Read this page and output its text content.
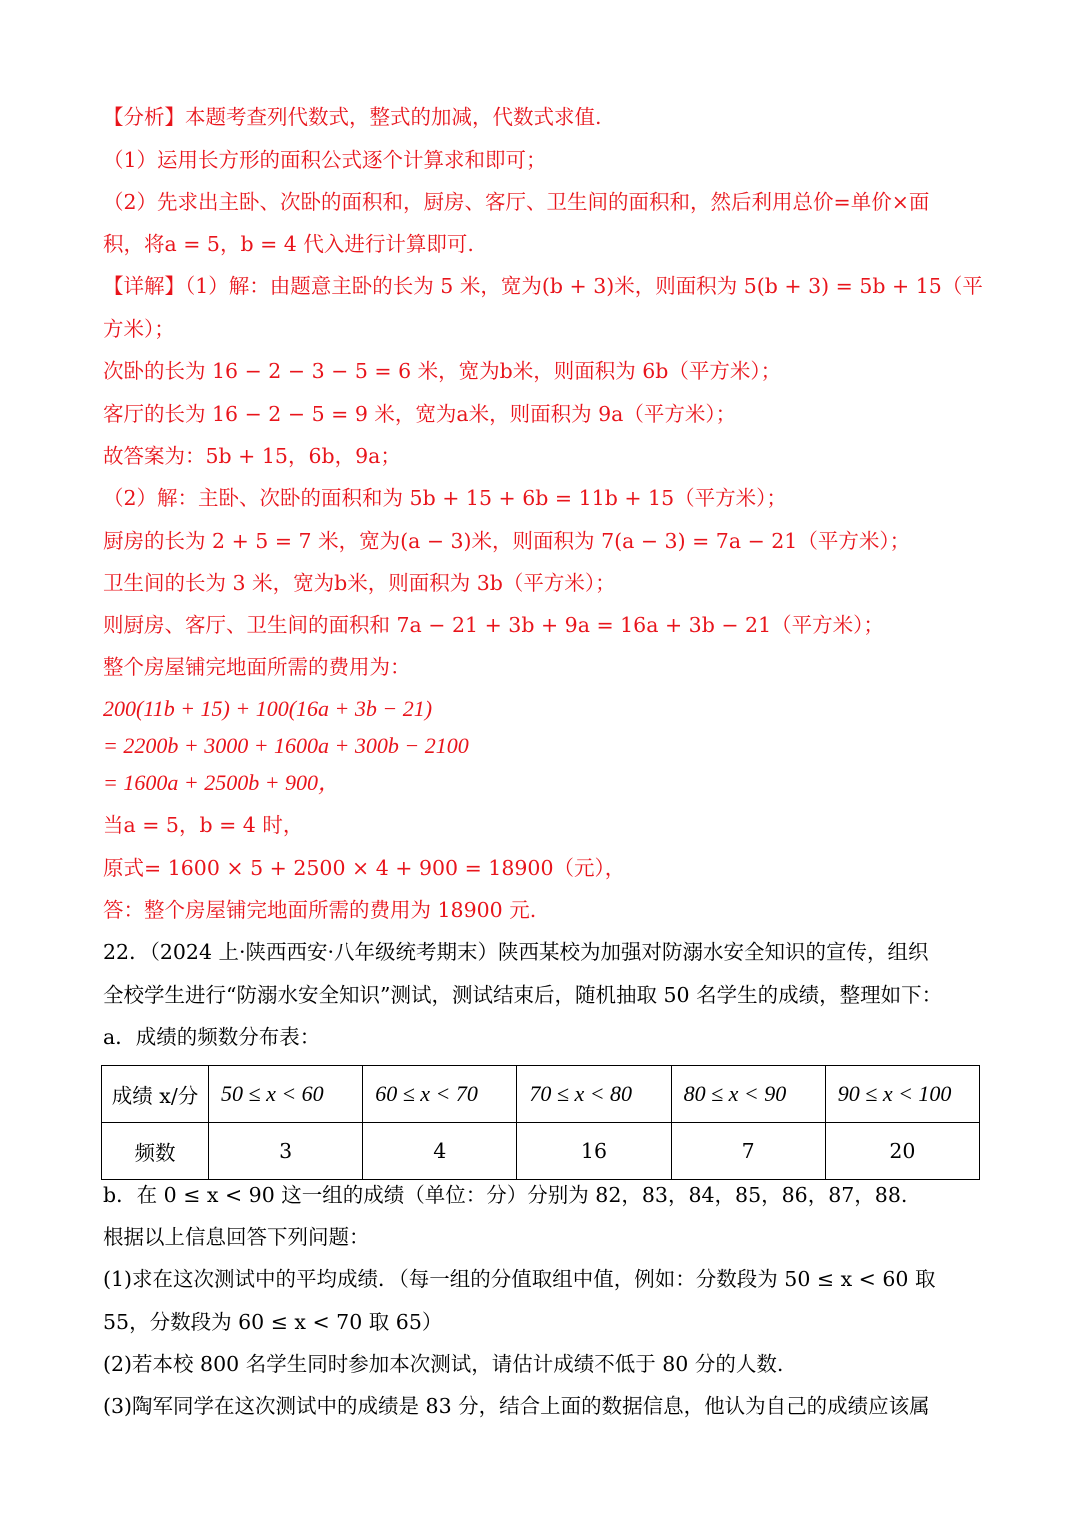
【分析】本题考查列代数式，整式的加减，代数式求值.
（1）运用长方形的面积公式逐个计算求和即可；
（2）先求出主卧、次卧的面积和，厨房、客厅、卫生间的面积和，然后利用总价=单价×面
积，将a = 5，b = 4 代入进行计算即可.
【详解】（1）解：由题意主卧的长为 5 米，宽为(b + 3)米，则面积为 5(b + 3) = 5b + 15（平
方米）；
次卧的长为 16 − 2 − 3 − 5 = 6 米，宽为b米，则面积为 6b（平方米）；
客厅的长为 16 − 2 − 5 = 9 米，宽为a米，则面积为 9a（平方米）；
故答案为：5b + 15，6b，9a；
（2）解：主卧、次卧的面积和为 5b + 15 + 6b = 11b + 15（平方米）；
厨房的长为 2 + 5 = 7 米，宽为(a − 3)米，则面积为 7(a − 3) = 7a − 21（平方米）；
卫生间的长为 3 米，宽为b米，则面积为 3b（平方米）；
则厨房、客厅、卫生间的面积和 7a − 21 + 3b + 9a = 16a + 3b − 21（平方米）；
整个房屋铺完地面所需的费用为：
200(11b + 15) + 100(16a + 3b − 21)
= 2200b + 3000 + 1600a + 300b − 2100
= 1600a + 2500b + 900，
当a = 5，b = 4 时，
原式= 1600 × 5 + 2500 × 4 + 900 = 18900（元），
答：整个房屋铺完地面所需的费用为 18900 元.
22．（2024 上·陕西西安·八年级统考期末）陕西某校为加强对防溺水安全知识的宣传，组织
全校学生进行“防溺水安全知识”测试，测试结束后，随机抽取 50 名学生的成绩，整理如下：
a．成绩的频数分布表：
成绩 x/分	50 ≤ x < 60	60 ≤ x < 70	70 ≤ x < 80	80 ≤ x < 90	90 ≤ x < 100
频数	3	4	16	7	20
b．在 0 ≤ x < 90 这一组的成绩（单位：分）分别为 82，83，84，85，86，87，88.
根据以上信息回答下列问题：
(1)求在这次测试中的平均成绩．（每一组的分值取组中值，例如：分数段为 50 ≤ x < 60 取
55，分数段为 60 ≤ x < 70 取 65）
(2)若本校 800 名学生同时参加本次测试，请估计成绩不低于 80 分的人数.
(3)陶军同学在这次测试中的成绩是 83 分，结合上面的数据信息，他认为自己的成绩应该属
